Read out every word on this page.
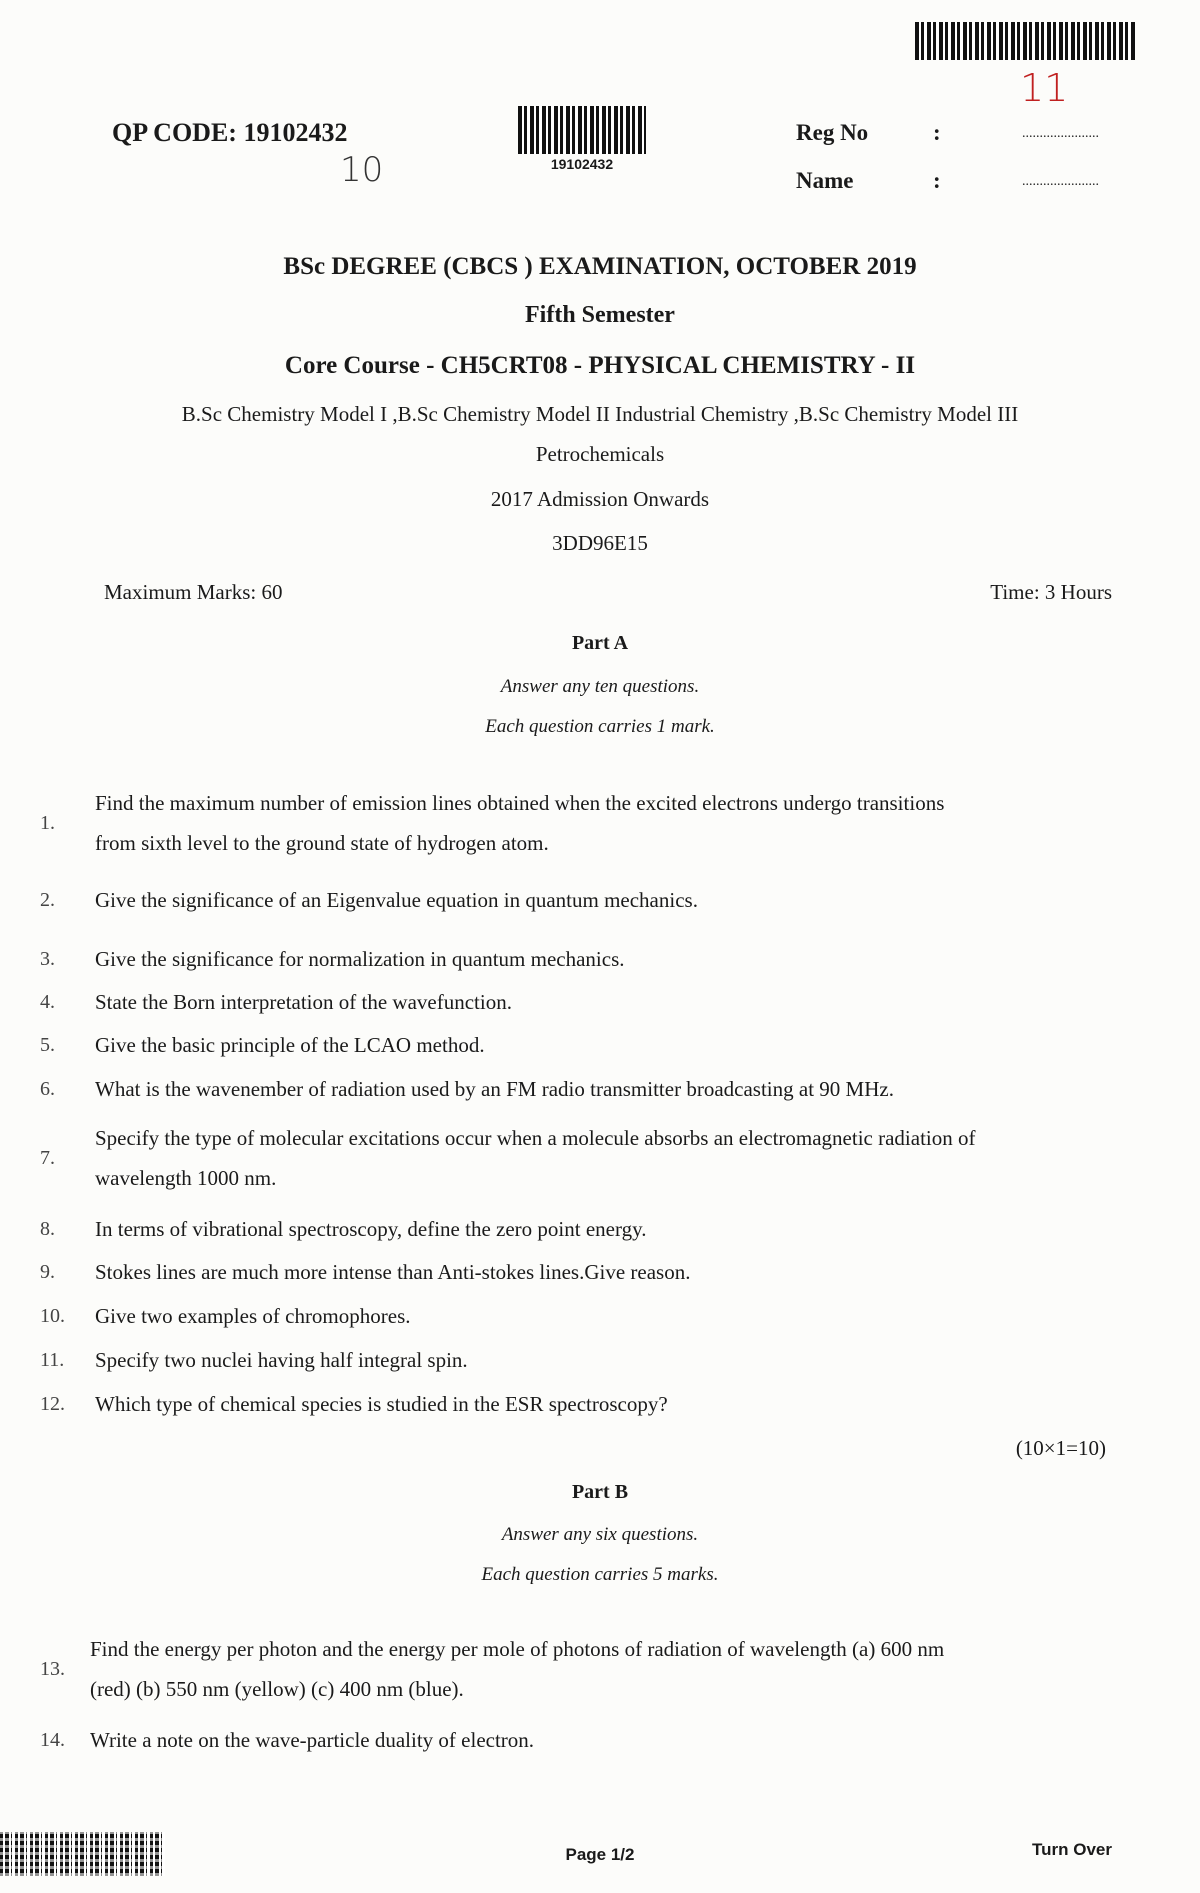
11
QP CODE: 19102432
10	19102432
Reg No	:	......................
Name	:	......................
BSc DEGREE (CBCS ) EXAMINATION, OCTOBER 2019
Fifth Semester
Core Course - CH5CRT08 - PHYSICAL CHEMISTRY - II
B.Sc Chemistry Model I ,B.Sc Chemistry Model II Industrial Chemistry ,B.Sc Chemistry Model III
Petrochemicals
2017 Admission Onwards
3DD96E15
Maximum Marks: 60	Time: 3 Hours
Part A
Answer any ten questions.
Each question carries 1 mark.
1.
Find the maximum number of emission lines obtained when the excited electrons undergo transitions
from sixth level to the ground state of hydrogen atom.
2.	Give the significance of an Eigenvalue equation in quantum mechanics.
3.	Give the significance for normalization in quantum mechanics.
4.	State the Born interpretation of the wavefunction.
5.	Give the basic principle of the LCAO method.
6.	What is the wavenember of radiation used by an FM radio transmitter broadcasting at 90 MHz.
7.
Specify the type of molecular excitations occur when a molecule absorbs an electromagnetic radiation of
wavelength 1000 nm.
8.	In terms of vibrational spectroscopy, define the zero point energy.
9.	Stokes lines are much more intense than Anti-stokes lines.Give reason.
10.	Give two examples of chromophores.
11.	Specify two nuclei having half integral spin.
12.	Which type of chemical species is studied in the ESR spectroscopy?
(10×1=10)
Part B
Answer any six questions.
Each question carries 5 marks.
13.
Find the energy per photon and the energy per mole of photons of radiation of wavelength (a) 600 nm
(red) (b) 550 nm (yellow) (c) 400 nm (blue).
14.	Write a note on the wave-particle duality of electron.
Page 1/2	Turn Over
